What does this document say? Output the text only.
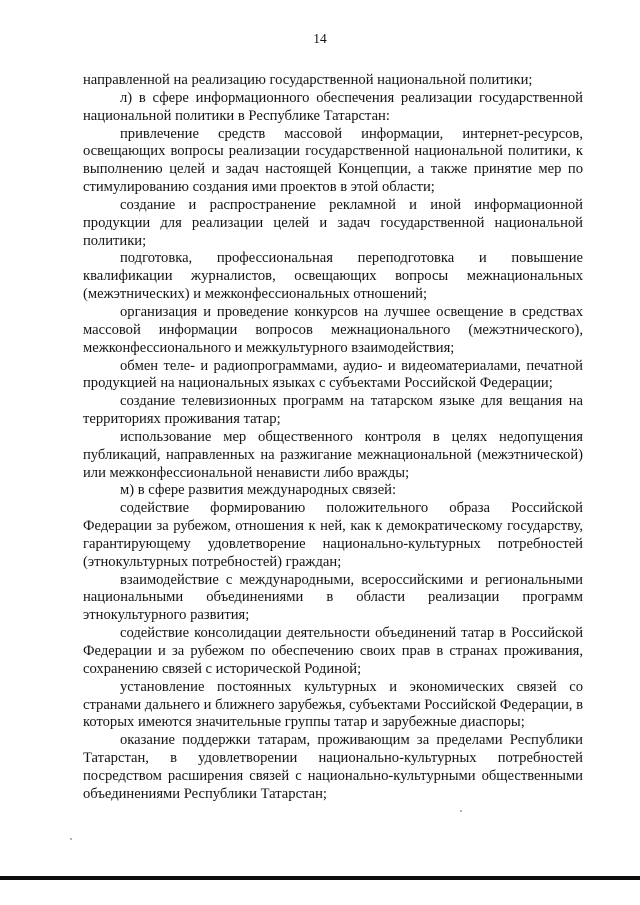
14

направленной на реализацию государственной национальной политики;

л) в сфере информационного обеспечения реализации государственной национальной политики в Республике Татарстан:

привлечение средств массовой информации, интернет-ресурсов, освещающих вопросы реализации государственной национальной политики, к выполнению целей и задач настоящей Концепции, а также принятие мер по стимулированию создания ими проектов в этой области;

создание и распространение рекламной и иной информационной продукции для реализации целей и задач государственной национальной политики;

подготовка, профессиональная переподготовка и повышение квалификации журналистов, освещающих вопросы межнациональных (межэтнических) и межконфессиональных отношений;

организация и проведение конкурсов на лучшее освещение в средствах массовой информации вопросов межнационального (межэтнического), межконфессионального и межкультурного взаимодействия;

обмен теле- и радиопрограммами, аудио- и видеоматериалами, печатной продукцией на национальных языках с субъектами Российской Федерации;

создание телевизионных программ на татарском языке для вещания на территориях проживания татар;

использование мер общественного контроля в целях недопущения публикаций, направленных на разжигание межнациональной (межэтнической) или межконфессиональной ненависти либо вражды;

м) в сфере развития международных связей:

содействие формированию положительного образа Российской Федерации за рубежом, отношения к ней, как к демократическому государству, гарантирующему удовлетворение национально-культурных потребностей (этнокультурных потребностей) граждан;

взаимодействие с международными, всероссийскими и региональными национальными объединениями в области реализации программ этнокультурного развития;

содействие консолидации деятельности объединений татар в Российской Федерации и за рубежом по обеспечению своих прав в странах проживания, сохранению связей с исторической Родиной;

установление постоянных культурных и экономических связей со странами дальнего и ближнего зарубежья, субъектами Российской Федерации, в которых имеются значительные группы татар и зарубежные диаспоры;

оказание поддержки татарам, проживающим за пределами Республики Татарстан, в удовлетворении национально-культурных потребностей посредством расширения связей с национально-культурными общественными объединениями Республики Татарстан;
